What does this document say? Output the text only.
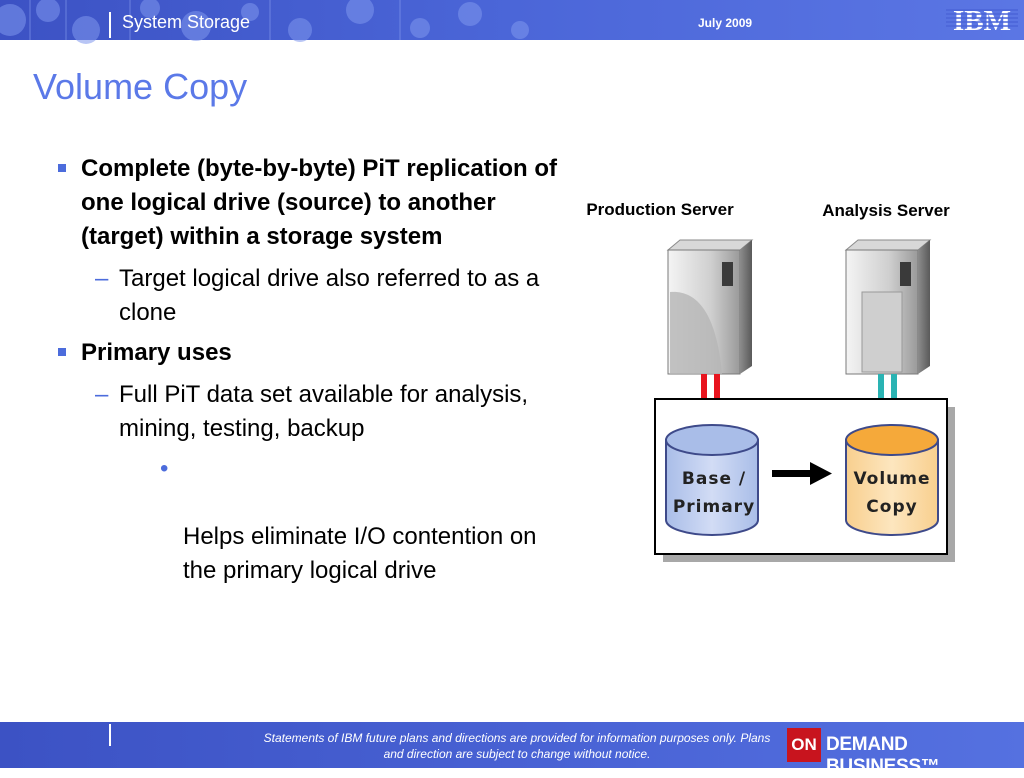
System Storage	July 2009	IBM
Volume Copy
Complete (byte-by-byte) PiT replication of one logical drive (source) to another (target) within a storage system
– Target logical drive also referred to as a clone
Primary uses
– Full PiT data set available for analysis, mining, testing, backup

•

Helps eliminate I/O contention on
the primary logical drive

Production Server	Analysis Server
Base /
Primary
Volume
Copy
Statements of IBM future plans and directions are provided for information purposes only. Plans and direction are subject to change without notice.	ON DEMAND BUSINESS™
